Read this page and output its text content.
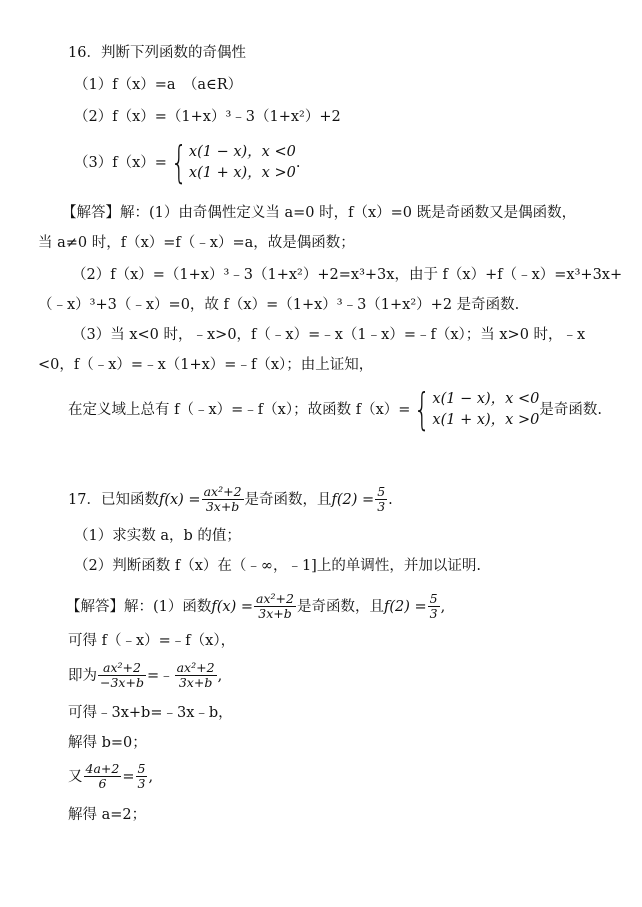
16．判断下列函数的奇偶性
（1）f（x）=a　（a∈R）
（2）f（x）=（1+x）³﹣3（1+x²）+2
（3）f（x）= { x(1 − x)，x <0
x(1 + x)，x >0
.
【解答】解：(1）由奇偶性定义当 a=0 时，f（x）=0 既是奇函数又是偶函数，
当 a≠0 时，f（x）=f（﹣x）=a，故是偶函数；
（2）f（x）=（1+x）³﹣3（1+x²）+2=x³+3x，由于 f（x）+f（﹣x）=x³+3x+
（﹣x）³+3（﹣x）=0，故 f（x）=（1+x）³﹣3（1+x²）+2 是奇函数.
（3）当 x<0 时，﹣x>0，f（﹣x）=﹣x（1﹣x）=﹣f（x）；当 x>0 时，﹣x
<0，f（﹣x）=﹣x（1+x）=﹣f（x）；由上证知，
在定义域上总有 f（﹣x）=﹣f（x）；故函数 f（x）= { x(1 − x)，x <0
x(1 + x)，x >0
是奇函数.
17．已知函数 $f(x) = \frac{\text{ax²+2}}{3x+b}$ 是奇函数，且 $f(2) = \frac{5}{3}$ .
（1）求实数 a，b 的值；
（2）判断函数 f（x）在（﹣∞，﹣1]上的单调性，并加以证明.
【解答】解：(1）函数 $f(x) = \frac{\text{ax²+2}}{3x+b}$ 是奇函数，且 $f(2) = \frac{5}{3}$ ,
可得 f（﹣x）=﹣f（x），
即为 $\frac{\text{ax²+2}}{-3x+b}$ =﹣ $\frac{\text{ax²+2}}{3x+b}$ ,
可得﹣3x+b=﹣3x﹣b，
解得 b=0；
又 $\frac{4a+2}{6} = \frac{5}{3}$ ,
解得 a=2；
